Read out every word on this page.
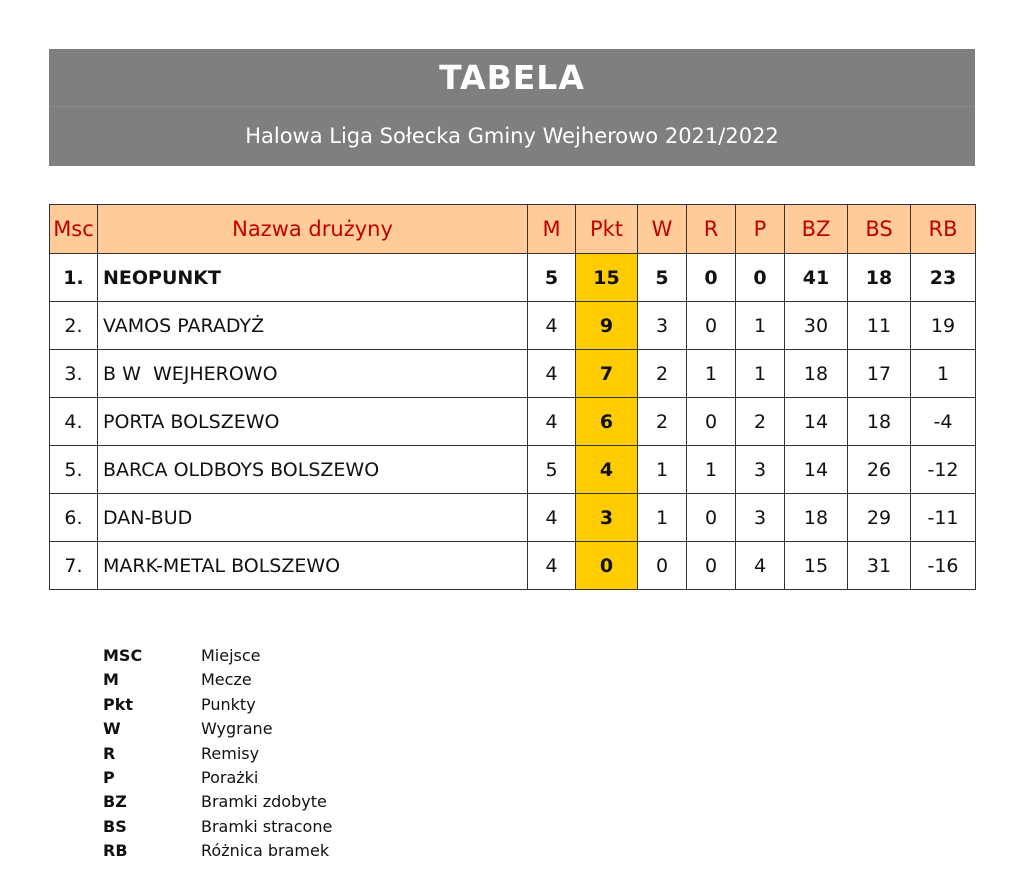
TABELA
Halowa Liga Sołecka Gminy Wejherowo 2021/2022
Msc	Nazwa drużyny	M	Pkt	W	R	P	BZ	BS	RB
1.	NEOPUNKT	5	15	5	0	0	41	18	23
2.	VAMOS PARADYŻ	4	9	3	0	1	30	11	19
3.	B W  WEJHEROWO	4	7	2	1	1	18	17	1
4.	PORTA BOLSZEWO	4	6	2	0	2	14	18	-4
5.	BARCA OLDBOYS BOLSZEWO	5	4	1	1	3	14	26	-12
6.	DAN-BUD	4	3	1	0	3	18	29	-11
7.	MARK-METAL BOLSZEWO	4	0	0	0	4	15	31	-16
MSC	Miejsce
M	Mecze
Pkt	Punkty
W	Wygrane
R	Remisy
P	Porażki
BZ	Bramki zdobyte
BS	Bramki stracone
RB	Różnica bramek
